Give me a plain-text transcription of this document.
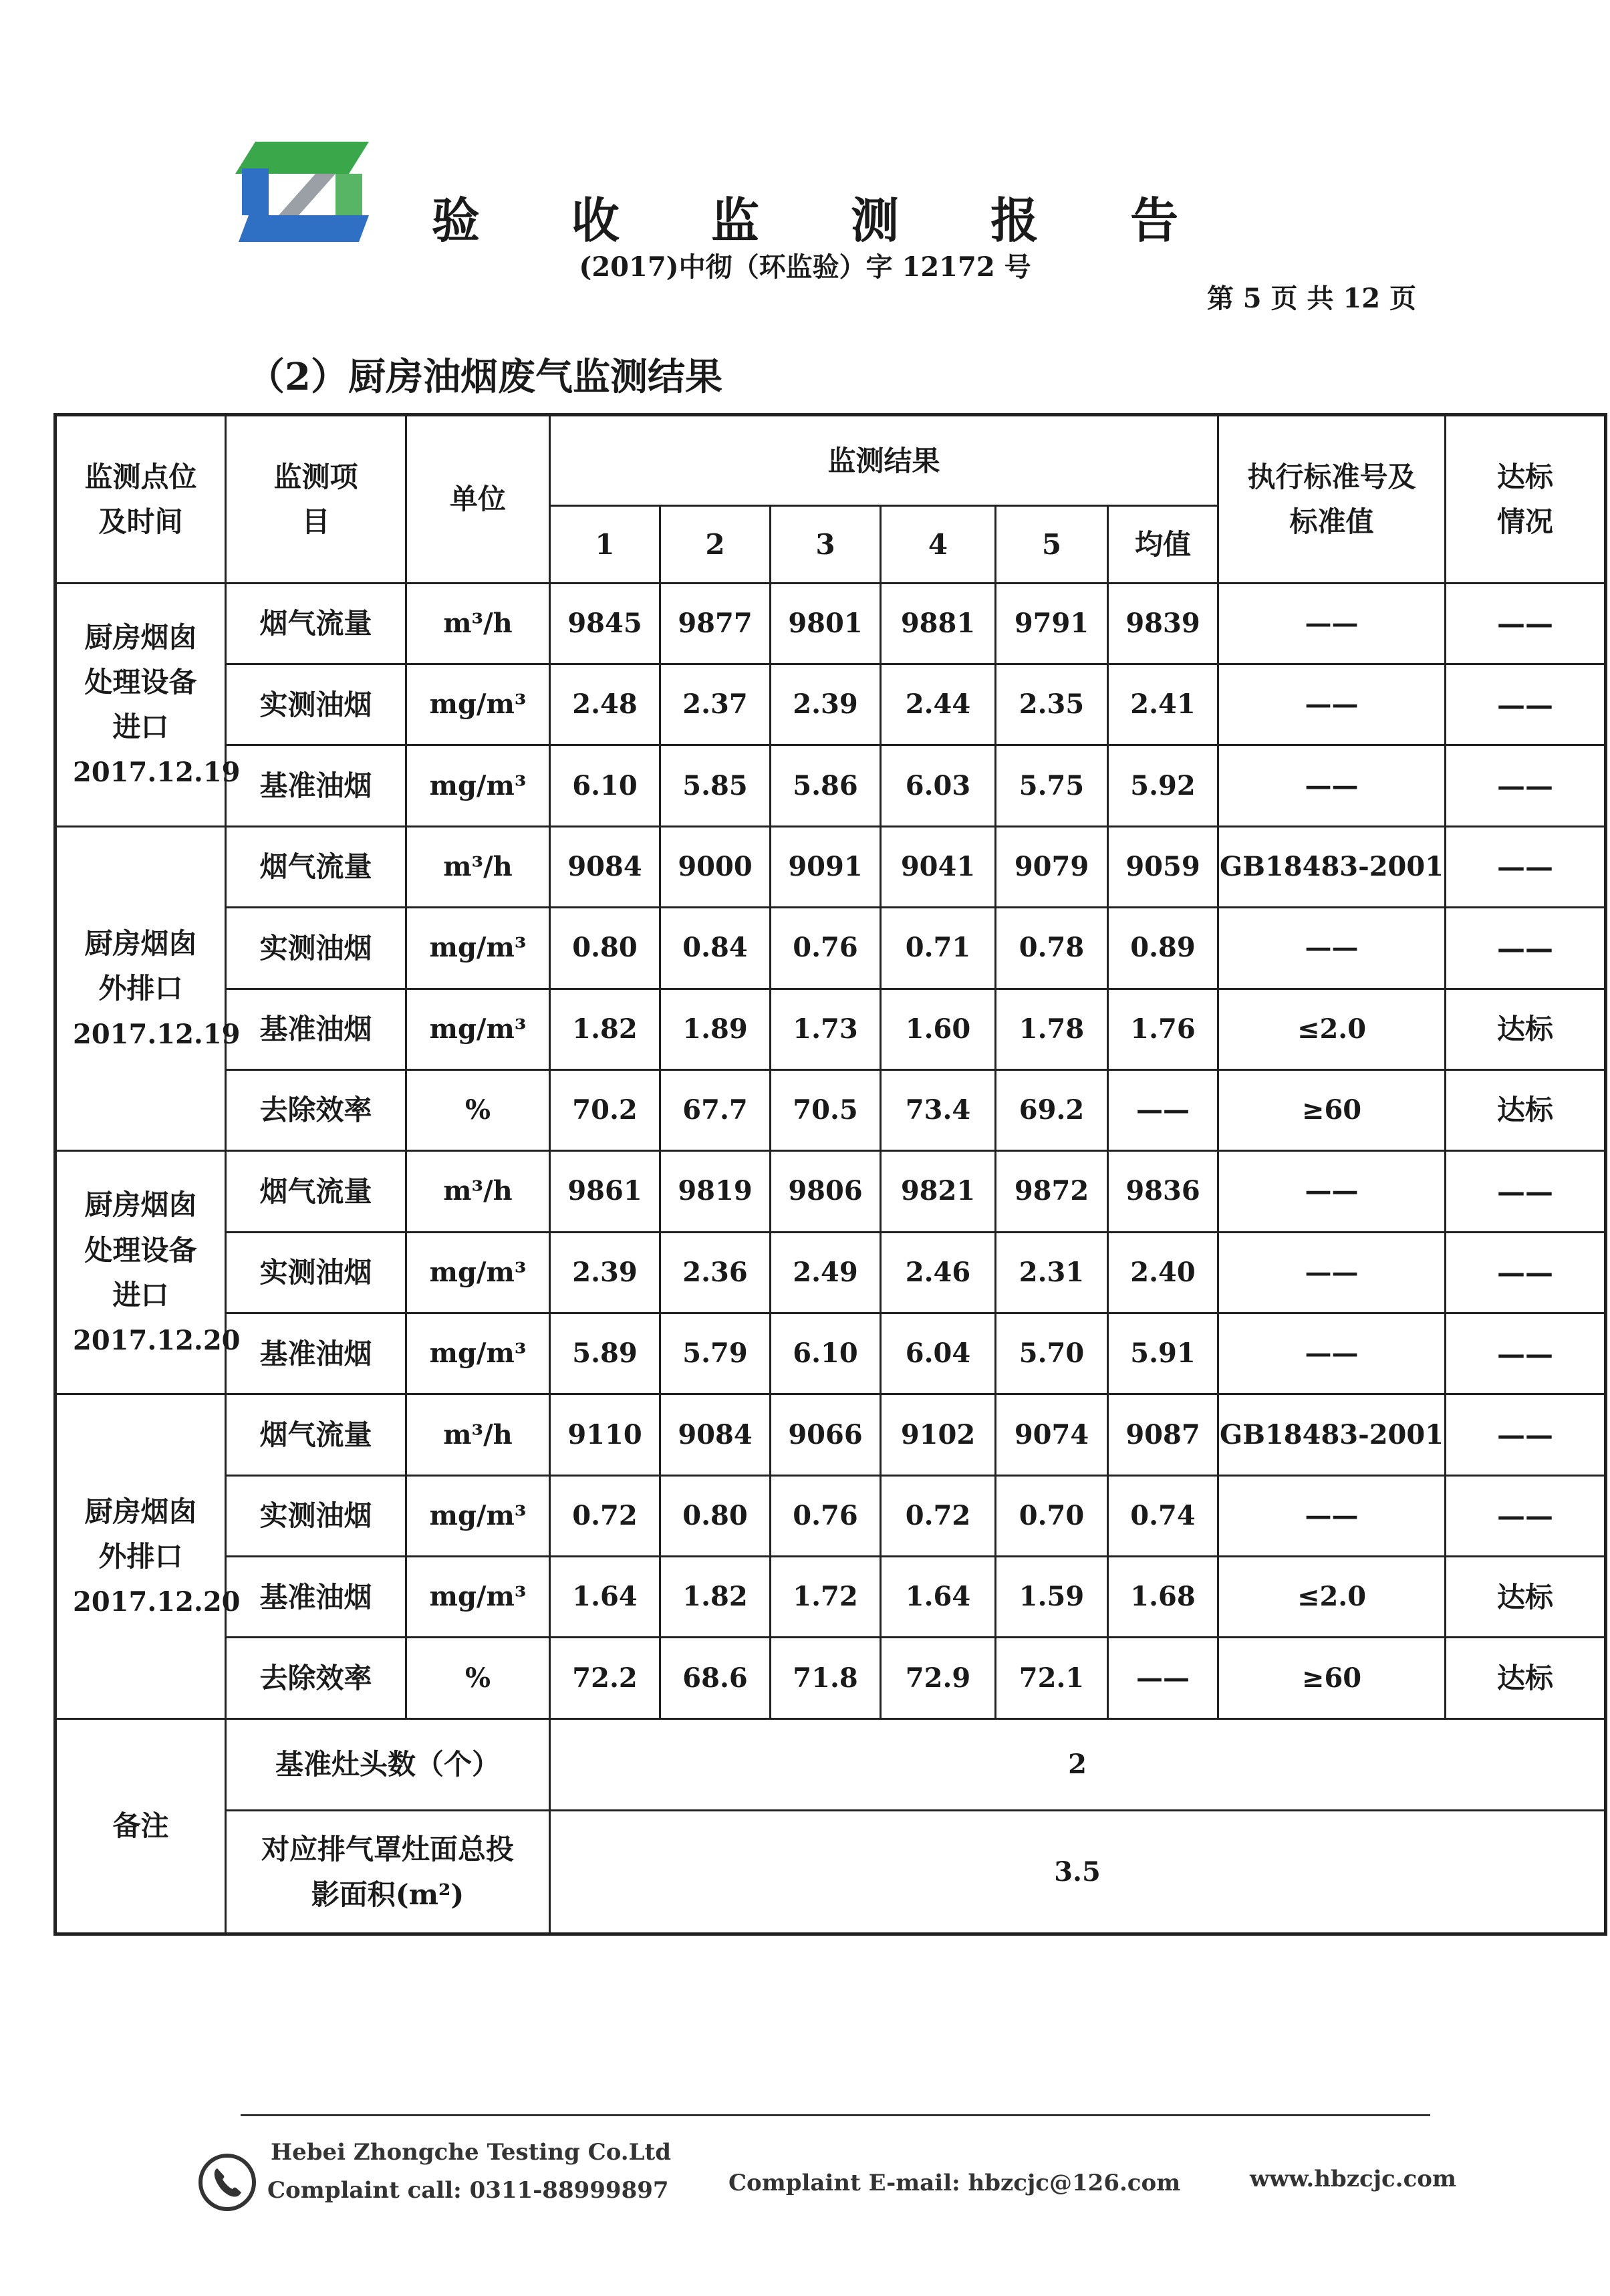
验 收 监 测 报 告
(2017)中彻（环监验）字 12172 号
第 5 页 共 12 页
（2）厨房油烟废气监测结果
监测点位及时间	监测项目	单位	监测结果						执行标准号及标准值	达标情况
			1	2	3	4	5	均值		
厨房烟囱处理设备进口
2017.12.19	烟气流量	m³/h	9845	9877	9801	9881	9791	9839	——	——
	实测油烟	mg/m³	2.48	2.37	2.39	2.44	2.35	2.41	——	——
	基准油烟	mg/m³	6.10	5.85	5.86	6.03	5.75	5.92	——	——
厨房烟囱外排口
2017.12.19	烟气流量	m³/h	9084	9000	9091	9041	9079	9059	GB18483-2001	——
	实测油烟	mg/m³	0.80	0.84	0.76	0.71	0.78	0.89	——	——
	基准油烟	mg/m³	1.82	1.89	1.73	1.60	1.78	1.76	≤2.0	达标
	去除效率	%	70.2	67.7	70.5	73.4	69.2	——	≥60	达标
厨房烟囱处理设备进口
2017.12.20	烟气流量	m³/h	9861	9819	9806	9821	9872	9836	——	——
	实测油烟	mg/m³	2.39	2.36	2.49	2.46	2.31	2.40	——	——
	基准油烟	mg/m³	5.89	5.79	6.10	6.04	5.70	5.91	——	——
厨房烟囱外排口
2017.12.20	烟气流量	m³/h	9110	9084	9066	9102	9074	9087	GB18483-2001	——
	实测油烟	mg/m³	0.72	0.80	0.76	0.72	0.70	0.74	——	——
	基准油烟	mg/m³	1.64	1.82	1.72	1.64	1.59	1.68	≤2.0	达标
	去除效率	%	72.2	68.6	71.8	72.9	72.1	——	≥60	达标
备注	基准灶头数（个）		2							
	对应排气罩灶面总投影面积(m²)		3.5							
Hebei Zhongche Testing Co.Ltd
Complaint call: 0311-88999897	Complaint E-mail: hbzcjc@126.com	www.hbzcjc.com
